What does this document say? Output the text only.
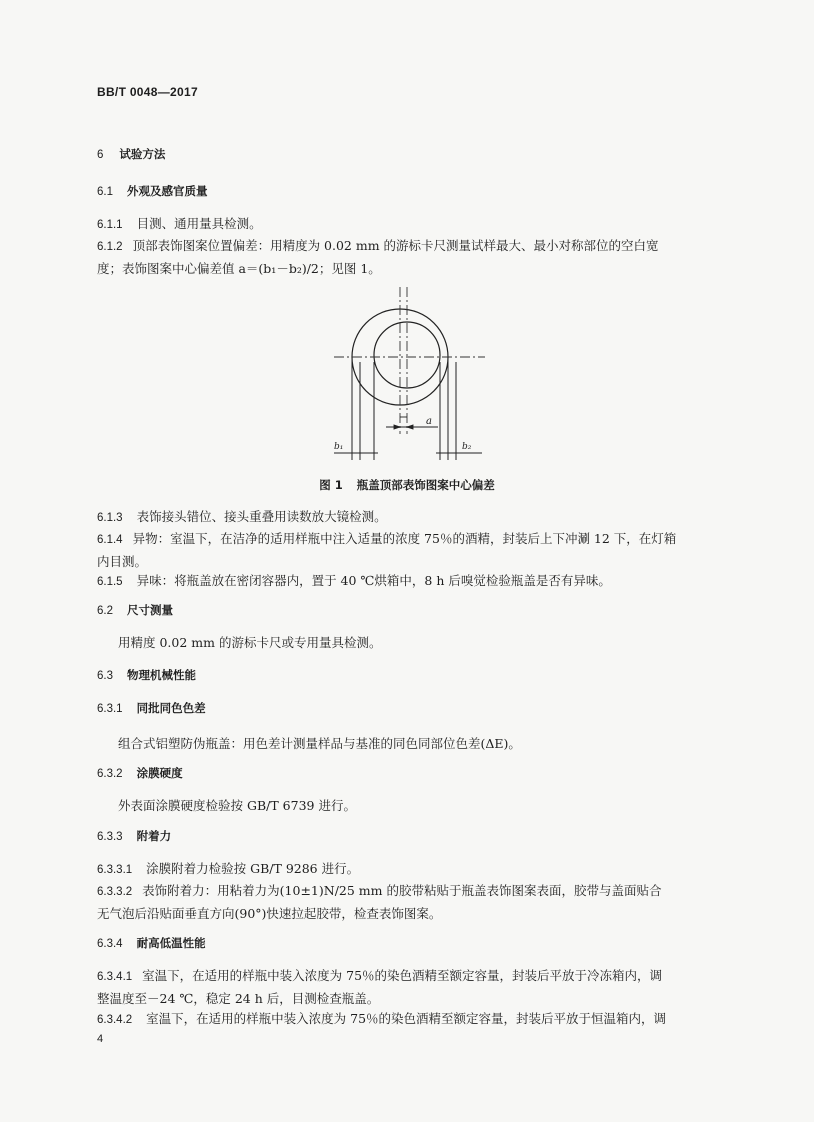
BB/T 0048—2017
6 试验方法
6.1 外观及感官质量
6.1.1 目测、通用量具检测。
6.1.2 顶部表饰图案位置偏差：用精度为 0.02 mm 的游标卡尺测量试样最大、最小对称部位的空白宽
度；表饰图案中心偏差值 a＝(b₁－b₂)/2；见图 1。
a
b₁	b₂
图 1 瓶盖顶部表饰图案中心偏差
6.1.3 表饰接头错位、接头重叠用读数放大镜检测。
6.1.4 异物：室温下，在洁净的适用样瓶中注入适量的浓度 75％的酒精，封装后上下冲涮 12 下，在灯箱
内目测。
6.1.5 异味：将瓶盖放在密闭容器内，置于 40 ℃烘箱中，8 h 后嗅觉检验瓶盖是否有异味。
6.2 尺寸测量
用精度 0.02 mm 的游标卡尺或专用量具检测。
6.3 物理机械性能
6.3.1 同批同色色差
组合式铝塑防伪瓶盖：用色差计测量样品与基准的同色同部位色差(ΔE)。
6.3.2 涂膜硬度
外表面涂膜硬度检验按 GB/T 6739 进行。
6.3.3 附着力
6.3.3.1 涂膜附着力检验按 GB/T 9286 进行。
6.3.3.2 表饰附着力：用粘着力为(10±1)N/25 mm 的胶带粘贴于瓶盖表饰图案表面，胶带与盖面贴合
无气泡后沿贴面垂直方向(90°)快速拉起胶带，检查表饰图案。
6.3.4 耐高低温性能
6.3.4.1 室温下，在适用的样瓶中装入浓度为 75％的染色酒精至额定容量，封装后平放于冷冻箱内，调
整温度至－24 ℃，稳定 24 h 后，目测检查瓶盖。
6.3.4.2 室温下，在适用的样瓶中装入浓度为 75％的染色酒精至额定容量，封装后平放于恒温箱内，调
4
